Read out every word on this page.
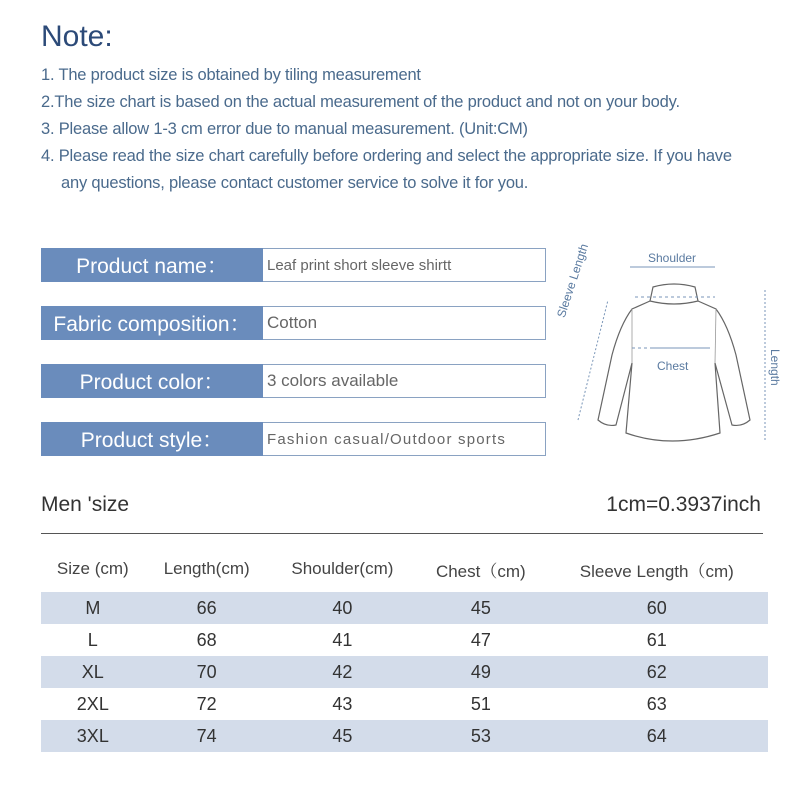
Note:
1. The product size is obtained by tiling measurement
2.The size chart is based on the actual measurement of the product and not on your body.
3. Please allow 1-3 cm error due to manual measurement. (Unit:CM)
4. Please read the size chart carefully before ordering and select the appropriate size. If you have
any questions, please contact customer service to solve it for you.
Product name：	Leaf print short sleeve shirtt
Fabric composition： Cotton
Product color：	3 colors available
Product style：	Fashion casual/Outdoor sports
Shoulder
Chest
Sleeve Length
Length
Men 'size	1cm=0.3937inch
Size (cm)	Length(cm)	Shoulder(cm)	Chest（cm)	Sleeve Length（cm)
M	66	40	45	60
L	68	41	47	61
XL	70	42	49	62
2XL	72	43	51	63
3XL	74	45	53	64
